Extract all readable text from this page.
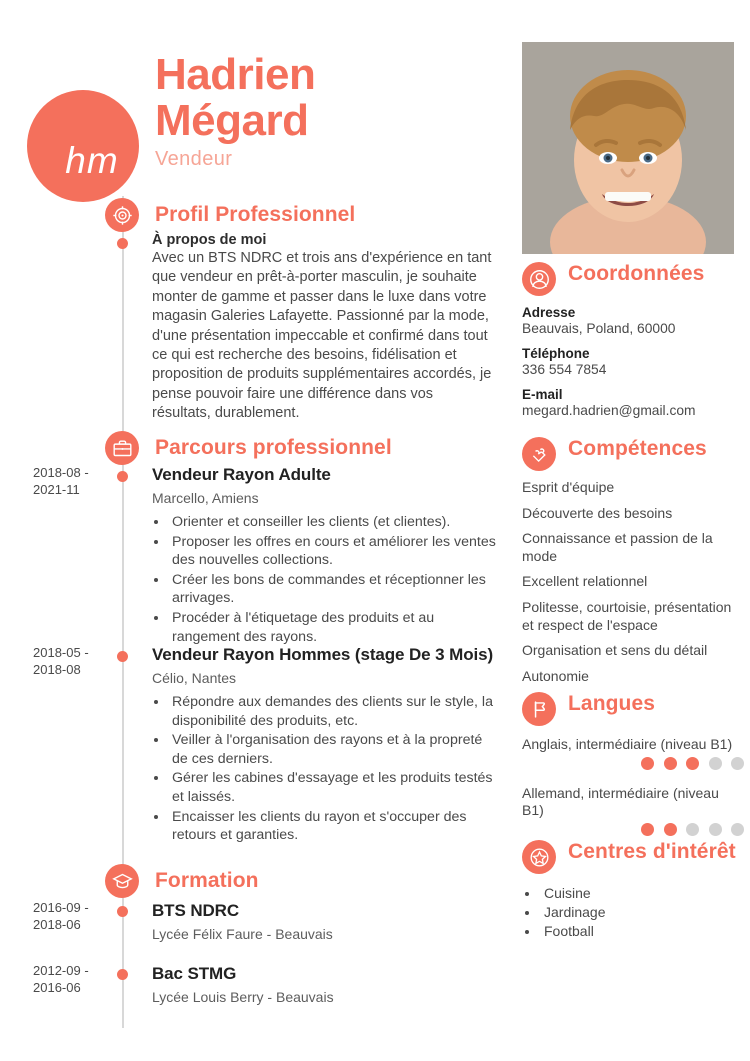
hm
Hadrien
Mégard
Vendeur
Profil Professionnel
À propos de moi
Avec un BTS NDRC et trois ans d'expérience en tant que vendeur en prêt-à-porter masculin, je souhaite monter de gamme et passer dans le luxe dans votre magasin Galeries Lafayette. Passionné par la mode, d'une présentation impeccable et confirmé dans tout ce qui est recherche des besoins, fidélisation et proposition de produits supplémentaires accordés, je pense pouvoir faire une différence dans vos résultats, durablement.
Parcours professionnel
2018-08 - 2021-11
Vendeur Rayon Adulte
Marcello, Amiens
• Orienter et conseiller les clients (et clientes).
• Proposer les offres en cours et améliorer les ventes des nouvelles collections.
• Créer les bons de commandes et réceptionner les arrivages.
• Procéder à l'étiquetage des produits et au rangement des rayons.
2018-05 - 2018-08
Vendeur Rayon Hommes (stage De 3 Mois)
Célio, Nantes
• Répondre aux demandes des clients sur le style, la disponibilité des produits, etc.
• Veiller à l'organisation des rayons et à la propreté de ces derniers.
• Gérer les cabines d'essayage et les produits testés et laissés.
• Encaisser les clients du rayon et s'occuper des retours et garanties.
Formation
2016-09 - 2018-06
BTS NDRC
Lycée Félix Faure - Beauvais
2012-09 - 2016-06
Bac STMG
Lycée Louis Berry - Beauvais
Coordonnées
Adresse
Beauvais, Poland, 60000
Téléphone
336 554 7854
E-mail
megard.hadrien@gmail.com
Compétences
Esprit d'équipe
Découverte des besoins
Connaissance et passion de la mode
Excellent relationnel
Politesse, courtoisie, présentation et respect de l'espace
Organisation et sens du détail
Autonomie
Langues
Anglais, intermédiaire (niveau B1)

Allemand, intermédiaire (niveau B1)

Centres d'intérêt
• Cuisine
• Jardinage
• Football
